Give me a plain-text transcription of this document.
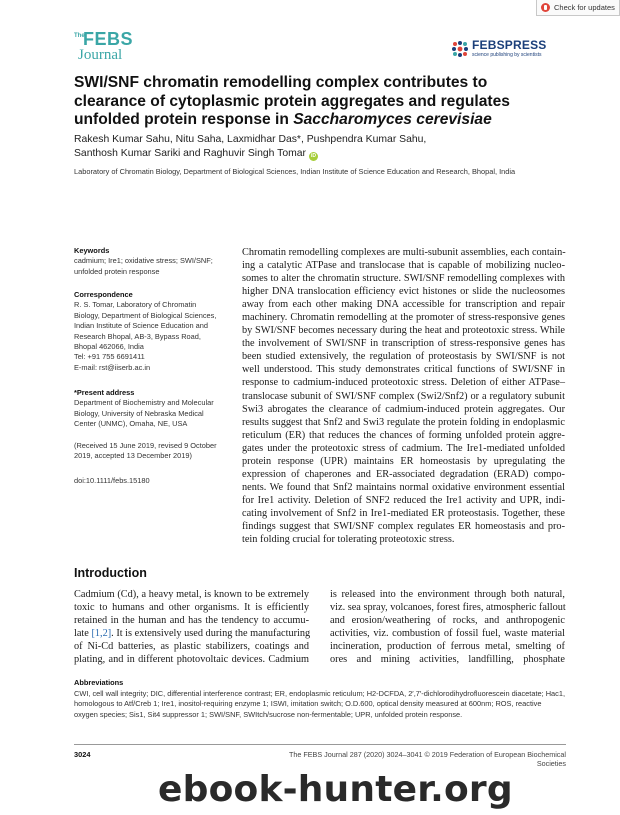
Check for updates
The
FEBS
Journal
FEBSPRESS
science publishing by scientists
SWI/SNF chromatin remodelling complex contributes to clearance of cytoplasmic protein aggregates and regulates unfolded protein response in Saccharomyces cerevisiae
Rakesh Kumar Sahu, Nitu Saha, Laxmidhar Das*, Pushpendra Kumar Sahu,
Santhosh Kumar Sariki and Raghuvir Singh Tomar iD
Laboratory of Chromatin Biology, Department of Biological Sciences, Indian Institute of Science Education and Research, Bhopal, India
Keywords
cadmium; Ire1; oxidative stress; SWI/SNF;
unfolded protein response
Correspondence
R. S. Tomar, Laboratory of Chromatin
Biology, Department of Biological Sciences,
Indian Institute of Science Education and
Research Bhopal, AB-3, Bypass Road,
Bhopal 462066, India
Tel: +91 755 6691411
E-mail: rst@iiserb.ac.in
*Present address
Department of Biochemistry and Molecular
Biology, University of Nebraska Medical
Center (UNMC), Omaha, NE, USA
(Received 15 June 2019, revised 9 October
2019, accepted 13 December 2019)
doi:10.1111/febs.15180
Chromatin remodelling complexes are multi-subunit assemblies, each contain-
ing a catalytic ATPase and translocase that is capable of mobilizing nucleo-
somes to alter the chromatin structure. SWI/SNF remodelling complexes with
higher DNA translocation efficiency evict histones or slide the nucleosomes
away from each other making DNA accessible for transcription and repair
machinery. Chromatin remodelling at the promoter of stress-responsive genes
by SWI/SNF becomes necessary during the heat and proteotoxic stress. While
the involvement of SWI/SNF in transcription of stress-responsive genes has
been studied extensively, the regulation of proteostasis by SWI/SNF is not
well understood. This study demonstrates critical functions of SWI/SNF in
response to cadmium-induced proteotoxic stress. Deletion of either ATPase–
translocase subunit of SWI/SNF complex (Swi2/Snf2) or a regulatory subunit
Swi3 abrogates the clearance of cadmium-induced protein aggregates. Our
results suggest that Snf2 and Swi3 regulate the protein folding in endoplasmic
reticulum (ER) that reduces the chances of forming unfolded protein aggre-
gates under the proteotoxic stress of cadmium. The Ire1-mediated unfolded
protein response (UPR) maintains ER homeostasis by upregulating the
expression of chaperones and ER-associated degradation (ERAD) compo-
nents. We found that Snf2 maintains normal oxidative environment essential
for Ire1 activity. Deletion of SNF2 reduced the Ire1 activity and UPR, indi-
cating involvement of Snf2 in Ire1-mediated ER proteostasis. Together, these
findings suggest that SWI/SNF complex regulates ER homeostasis and pro-
tein folding crucial for tolerating proteotoxic stress.
Introduction
Cadmium (Cd), a heavy metal, is known to be extremely
toxic to humans and other organisms. It is efficiently
retained in the human and has the tendency to accumu-
late [1,2]. It is extensively used during the manufacturing
of Ni-Cd batteries, as plastic stabilizers, coatings and
plating, and in different photovoltaic devices. Cadmium
is released into the environment through both natural,
viz. sea spray, volcanoes, forest fires, atmospheric fallout
and erosion/weathering of rocks, and anthropogenic
activities, viz. combustion of fossil fuel, waste material
incineration, production of ferrous metal, smelting of
ores and mining activities, landfilling, phosphate
Abbreviations
CWI, cell wall integrity; DIC, differential interference contrast; ER, endoplasmic reticulum; H2-DCFDA, 2′,7′-dichlorodihydrofluorescein diacetate; Hac1, homologous to Atf/Creb 1; Ire1, inositol-requiring enzyme 1; ISWI, imitation switch; O.D.600, optical density measured at 600nm; ROS, reactive oxygen species; Sis1, Sit4 suppressor 1; SWI/SNF, SWItch/sucrose non-fermentable; UPR, unfolded protein response.
3024	The FEBS Journal 287 (2020) 3024–3041 © 2019 Federation of European Biochemical Societies
ebook-hunter.org
